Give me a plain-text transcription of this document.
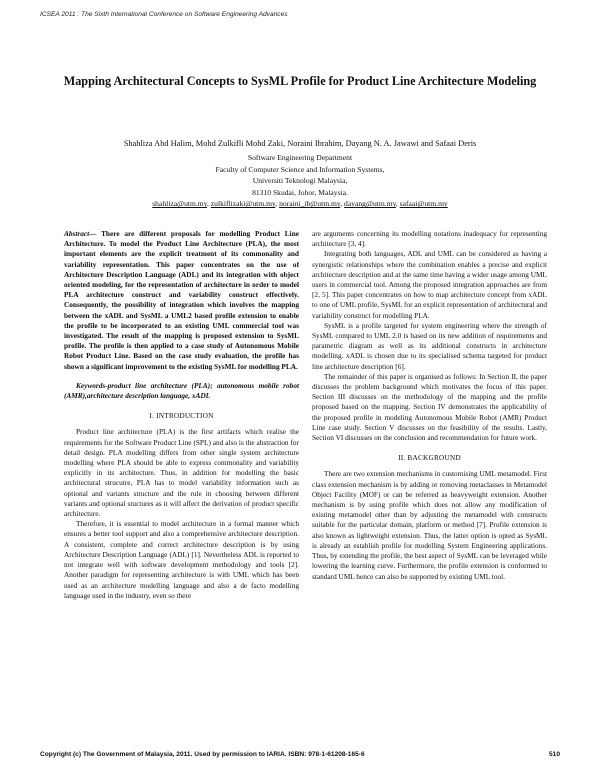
ICSEA 2011 : The Sixth International Conference on Software Engineering Advances
Mapping Architectural Concepts to SysML Profile for Product Line Architecture Modeling
Shahliza Abd Halim, Mohd Zulkifli Mohd Zaki, Noraini Ibrahim, Dayang N. A. Jawawi and Safaai Deris
Software Engineering Department
Faculty of Computer Science and Information Systems,
Universiti Teknologi Malaysia,
81310 Skudai, Johor, Malaysia.
shahliza@utm.my, zulkiflizaki@utm.my, noraini_ib@utm.my, dayang@utm.my, safaai@utm.my

Abstract— There are different proposals for modelling Product Line Architecture. To model the Product Line Architecture (PLA), the most important elements are the explicit treatment of its commonality and variability representation. This paper concentrates on the use of Architecture Description Language (ADL) and its integration with object oriented modeling, for the representation of architecture in order to model PLA architecture construct and variability construct effectively. Consequently, the possibility of integration which involves the mapping between the xADL and SysML a UML2 based profile extension to enable the profile to be incorporated to an existing UML commercial tool was investigated. The result of the mapping is proposed extension to SysML profile. The profile is then applied to a case study of Autonomous Mobile Robot Product Line. Based on the case study evaluation, the profile has shown a significant improvement to the existing SysML for modelling PLA.

Keywords-product line architecture (PLA); autonomous mobile robot (AMR),architecture description language, xADL

I. INTRODUCTION

Product line architecture (PLA) is the first artifacts which realise the requirements for the Software Product Line (SPL) and also is the abstraction for detail design. PLA modelling differs from other single system architecture modelling where PLA should be able to express commonality and variability explicitly in its architecture. Thus, in addition for modelling the basic architectural strucutre, PLA has to model variability information such as optional and variants structure and the rule in choosing between different variants and optional stuctures as it will affect the derivation of product specific architecture.

Therefore, it is essential to model architecture in a formal manner which ensures a better tool support and also a comprehensive architecture description. A consistent, complete and correct architecture description is by using Architecture Description Language (ADL) [1]. Nevertheless ADL is reported to not integrate well with software development methodology and tools [2]. Another paradigm for representing architecture is with UML which has been used as an architecture modelling language and also a de facto modelling language used in the industry, even so there

are arguments concerning its modelling notations inadequacy for representing architecture [3, 4].

Integrating both languages, ADL and UML can be considered as having a synergistic relationships where the combination enables a precise and explicit architecture description and at the same time having a wider usage among UML users in commercial tool. Among the proposed integration approaches are from [2, 5]. This paper concentrates on how to map architecture concept from xADL to one of UML profile, SysML for an explicit representation of architectural and variability construct for modelling PLA.

SysML is a profile targeted for system engineering where the strength of SysML compared to UML 2.0 is based on its new addition of requirements and parametric diagram as well as its additional constructs in architecture modelling. xADL is chosen due to its specialised schema targeted for product line architecture description [6].

The remainder of this paper is organised as follows: In Section II, the paper discusses the problem background which motivates the focus of this paper. Section III discusses on the methodology of the mapping and the profile proposed based on the mapping. Section IV demonstrates the applicability of the proposed profile in modeling Autonomous Mobile Robot (AMR) Product Line case study. Section V discusses on the feasibility of the results. Lastly, Section VI discusses on the conclusion and recommendation for future work.

II. BACKGROUND

There are two extension mechanisms in customising UML metamodel. First class extension mechanism is by adding or removing metaclasses in Metamodel Object Facility (MOF) or can be referred as heavyweight extension. Another mechanism is by using profile which does not allow any modification of existing metamodel other than by adjusting the metamodel with constructs suitable for the particular domain, platform or method [7]. Profile extension is also known as lightweight extension. Thus, the latter option is opted as SysML is already an establish profile for modelling System Engineering applications. Thus, by extending the profile, the best aspect of SysML can be leveraged while lowering the learning curve. Furthermore, the profile extension is conformed to standard UML hence can also be supported by existing UML tool.

Copyright (c) The Government of Malaysia, 2011. Used by permission to IARIA. ISBN: 978-1-61208-165-6	510
